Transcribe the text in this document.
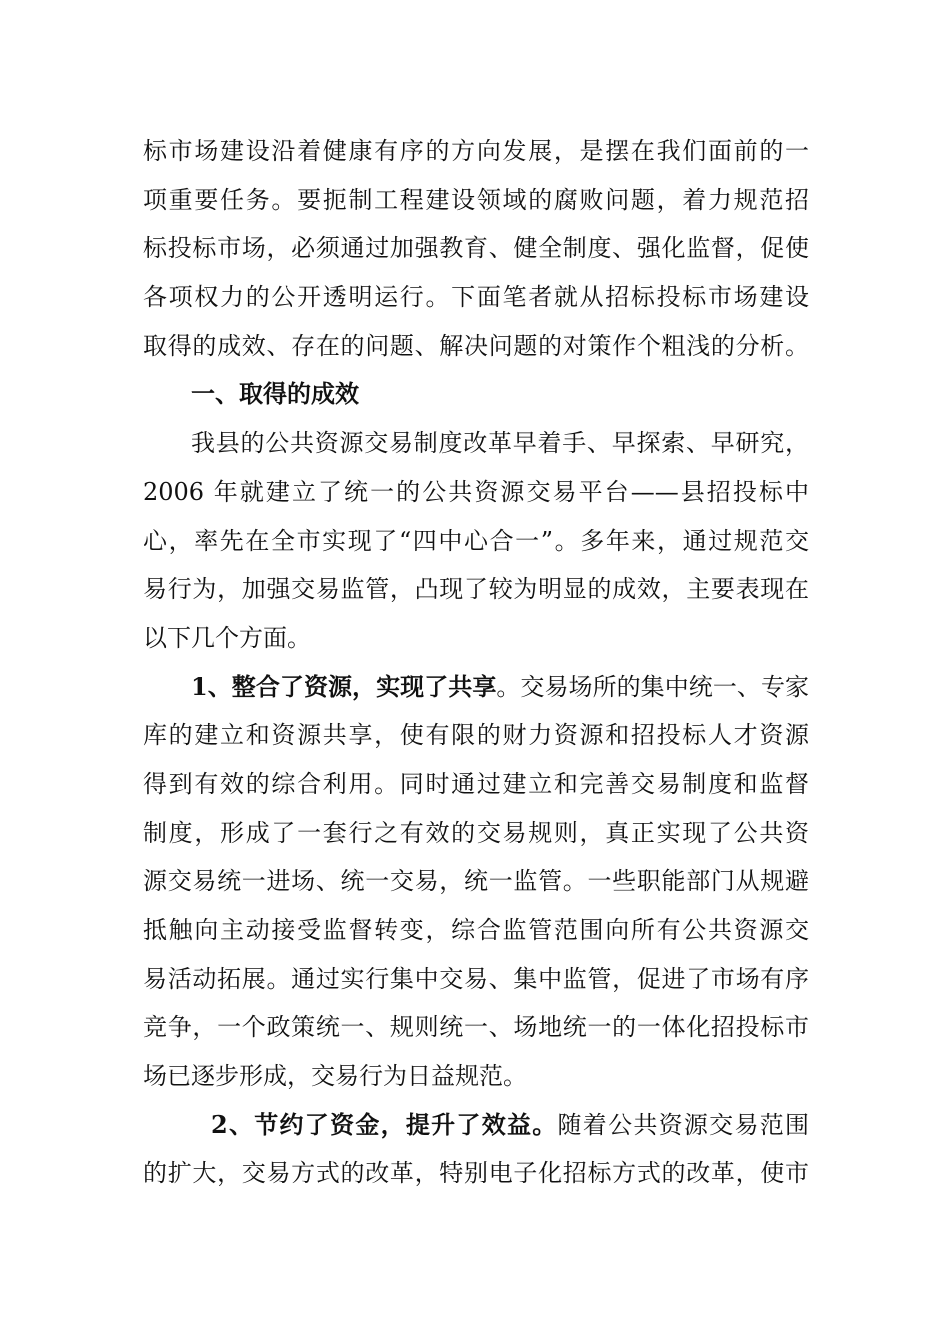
标市场建设沿着健康有序的方向发展，是摆在我们面前的一
项重要任务。要扼制工程建设领域的腐败问题，着力规范招
标投标市场，必须通过加强教育、健全制度、强化监督，促使
各项权力的公开透明运行。下面笔者就从招标投标市场建设
取得的成效、存在的问题、解决问题的对策作个粗浅的分析。
一、取得的成效
我县的公共资源交易制度改革早着手、早探索、早研究，
2006 年就建立了统一的公共资源交易平台——县招投标中
心，率先在全市实现了“四中心合一”。多年来，通过规范交
易行为，加强交易监管，凸现了较为明显的成效，主要表现在
以下几个方面。
1、整合了资源，实现了共享。交易场所的集中统一、专家
库的建立和资源共享，使有限的财力资源和招投标人才资源
得到有效的综合利用。同时通过建立和完善交易制度和监督
制度，形成了一套行之有效的交易规则，真正实现了公共资
源交易统一进场、统一交易，统一监管。一些职能部门从规避
抵触向主动接受监督转变，综合监管范围向所有公共资源交
易活动拓展。通过实行集中交易、集中监管，促进了市场有序
竞争，一个政策统一、规则统一、场地统一的一体化招投标市
场已逐步形成，交易行为日益规范。
2、节约了资金，提升了效益。随着公共资源交易范围
的扩大，交易方式的改革，特别电子化招标方式的改革，使市
